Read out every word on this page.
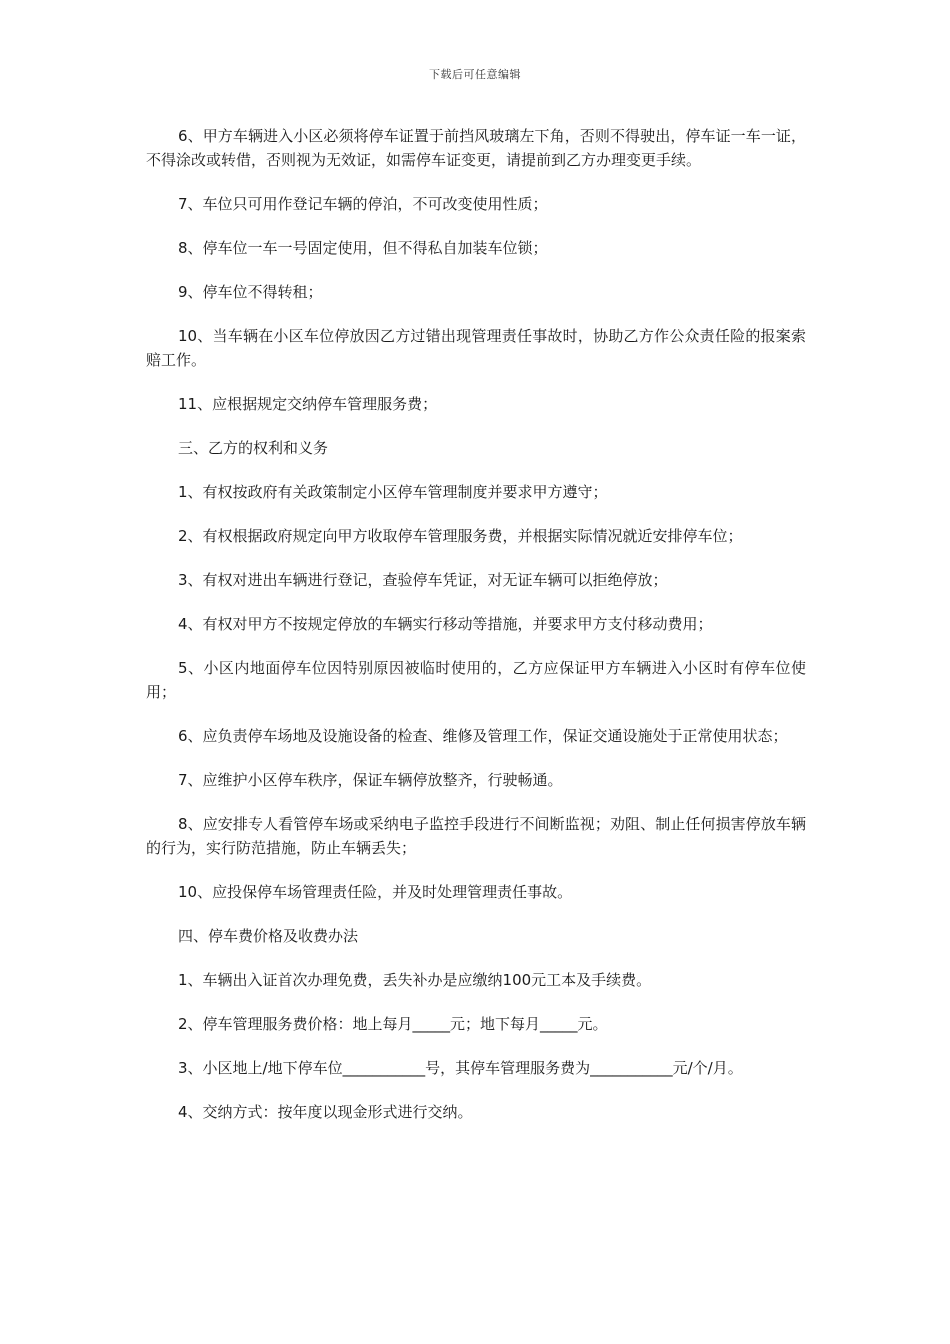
下载后可任意编辑

6、甲方车辆进入小区必须将停车证置于前挡风玻璃左下角，否则不得驶出，停车证一车一证，不得涂改或转借，否则视为无效证，如需停车证变更，请提前到乙方办理变更手续。

7、车位只可用作登记车辆的停泊，不可改变使用性质；

8、停车位一车一号固定使用，但不得私自加装车位锁；

9、停车位不得转租；

10、当车辆在小区车位停放因乙方过错出现管理责任事故时，协助乙方作公众责任险的报案索赔工作。

11、应根据规定交纳停车管理服务费；

三、乙方的权利和义务

1、有权按政府有关政策制定小区停车管理制度并要求甲方遵守；

2、有权根据政府规定向甲方收取停车管理服务费，并根据实际情况就近安排停车位；

3、有权对进出车辆进行登记，查验停车凭证，对无证车辆可以拒绝停放；

4、有权对甲方不按规定停放的车辆实行移动等措施，并要求甲方支付移动费用；

5、小区内地面停车位因特别原因被临时使用的，乙方应保证甲方车辆进入小区时有停车位使用；

6、应负责停车场地及设施设备的检查、维修及管理工作，保证交通设施处于正常使用状态；

7、应维护小区停车秩序，保证车辆停放整齐，行驶畅通。

8、应安排专人看管停车场或采纳电子监控手段进行不间断监视；劝阻、制止任何损害停放车辆的行为，实行防范措施，防止车辆丢失；

10、应投保停车场管理责任险，并及时处理管理责任事故。

四、停车费价格及收费办法

1、车辆出入证首次办理免费，丢失补办是应缴纳100元工本及手续费。

2、停车管理服务费价格：地上每月_____元；地下每月_____元。

3、小区地上/地下停车位___________号，其停车管理服务费为___________元/个/月。

4、交纳方式：按年度以现金形式进行交纳。
